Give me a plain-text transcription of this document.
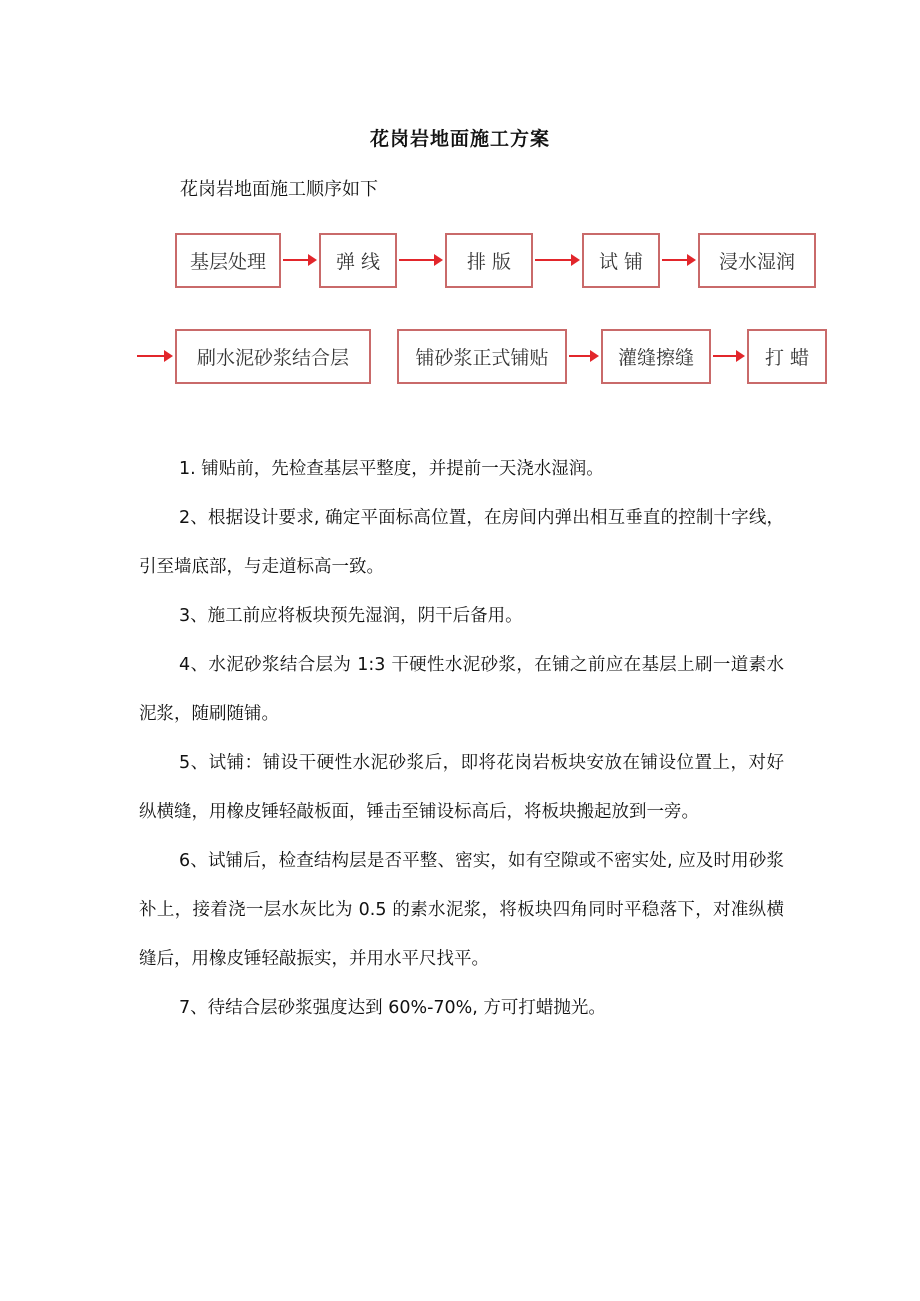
花岗岩地面施工方案
花岗岩地面施工顺序如下
基层处理	弹 线	排 版	试 铺	浸水湿润
刷水泥砂浆结合层	铺砂浆正式铺贴	灌缝擦缝	打 蜡

1. 铺贴前，先检查基层平整度，并提前一天浇水湿润。

2、根据设计要求, 确定平面标高位置，在房间内弹出相互垂直的控制十字线，引至墙底部，与走道标高一致。

3、施工前应将板块预先湿润，阴干后备用。

4、水泥砂浆结合层为 1:3 干硬性水泥砂浆，在铺之前应在基层上刷一道素水泥浆，随刷随铺。

5、试铺：铺设干硬性水泥砂浆后，即将花岗岩板块安放在铺设位置上，对好纵横缝，用橡皮锤轻敲板面，锤击至铺设标高后，将板块搬起放到一旁。

6、试铺后，检查结构层是否平整、密实，如有空隙或不密实处, 应及时用砂浆补上，接着浇一层水灰比为 0.5 的素水泥浆，将板块四角同时平稳落下，对准纵横缝后，用橡皮锤轻敲振实，并用水平尺找平。

7、待结合层砂浆强度达到 60%-70%, 方可打蜡抛光。
